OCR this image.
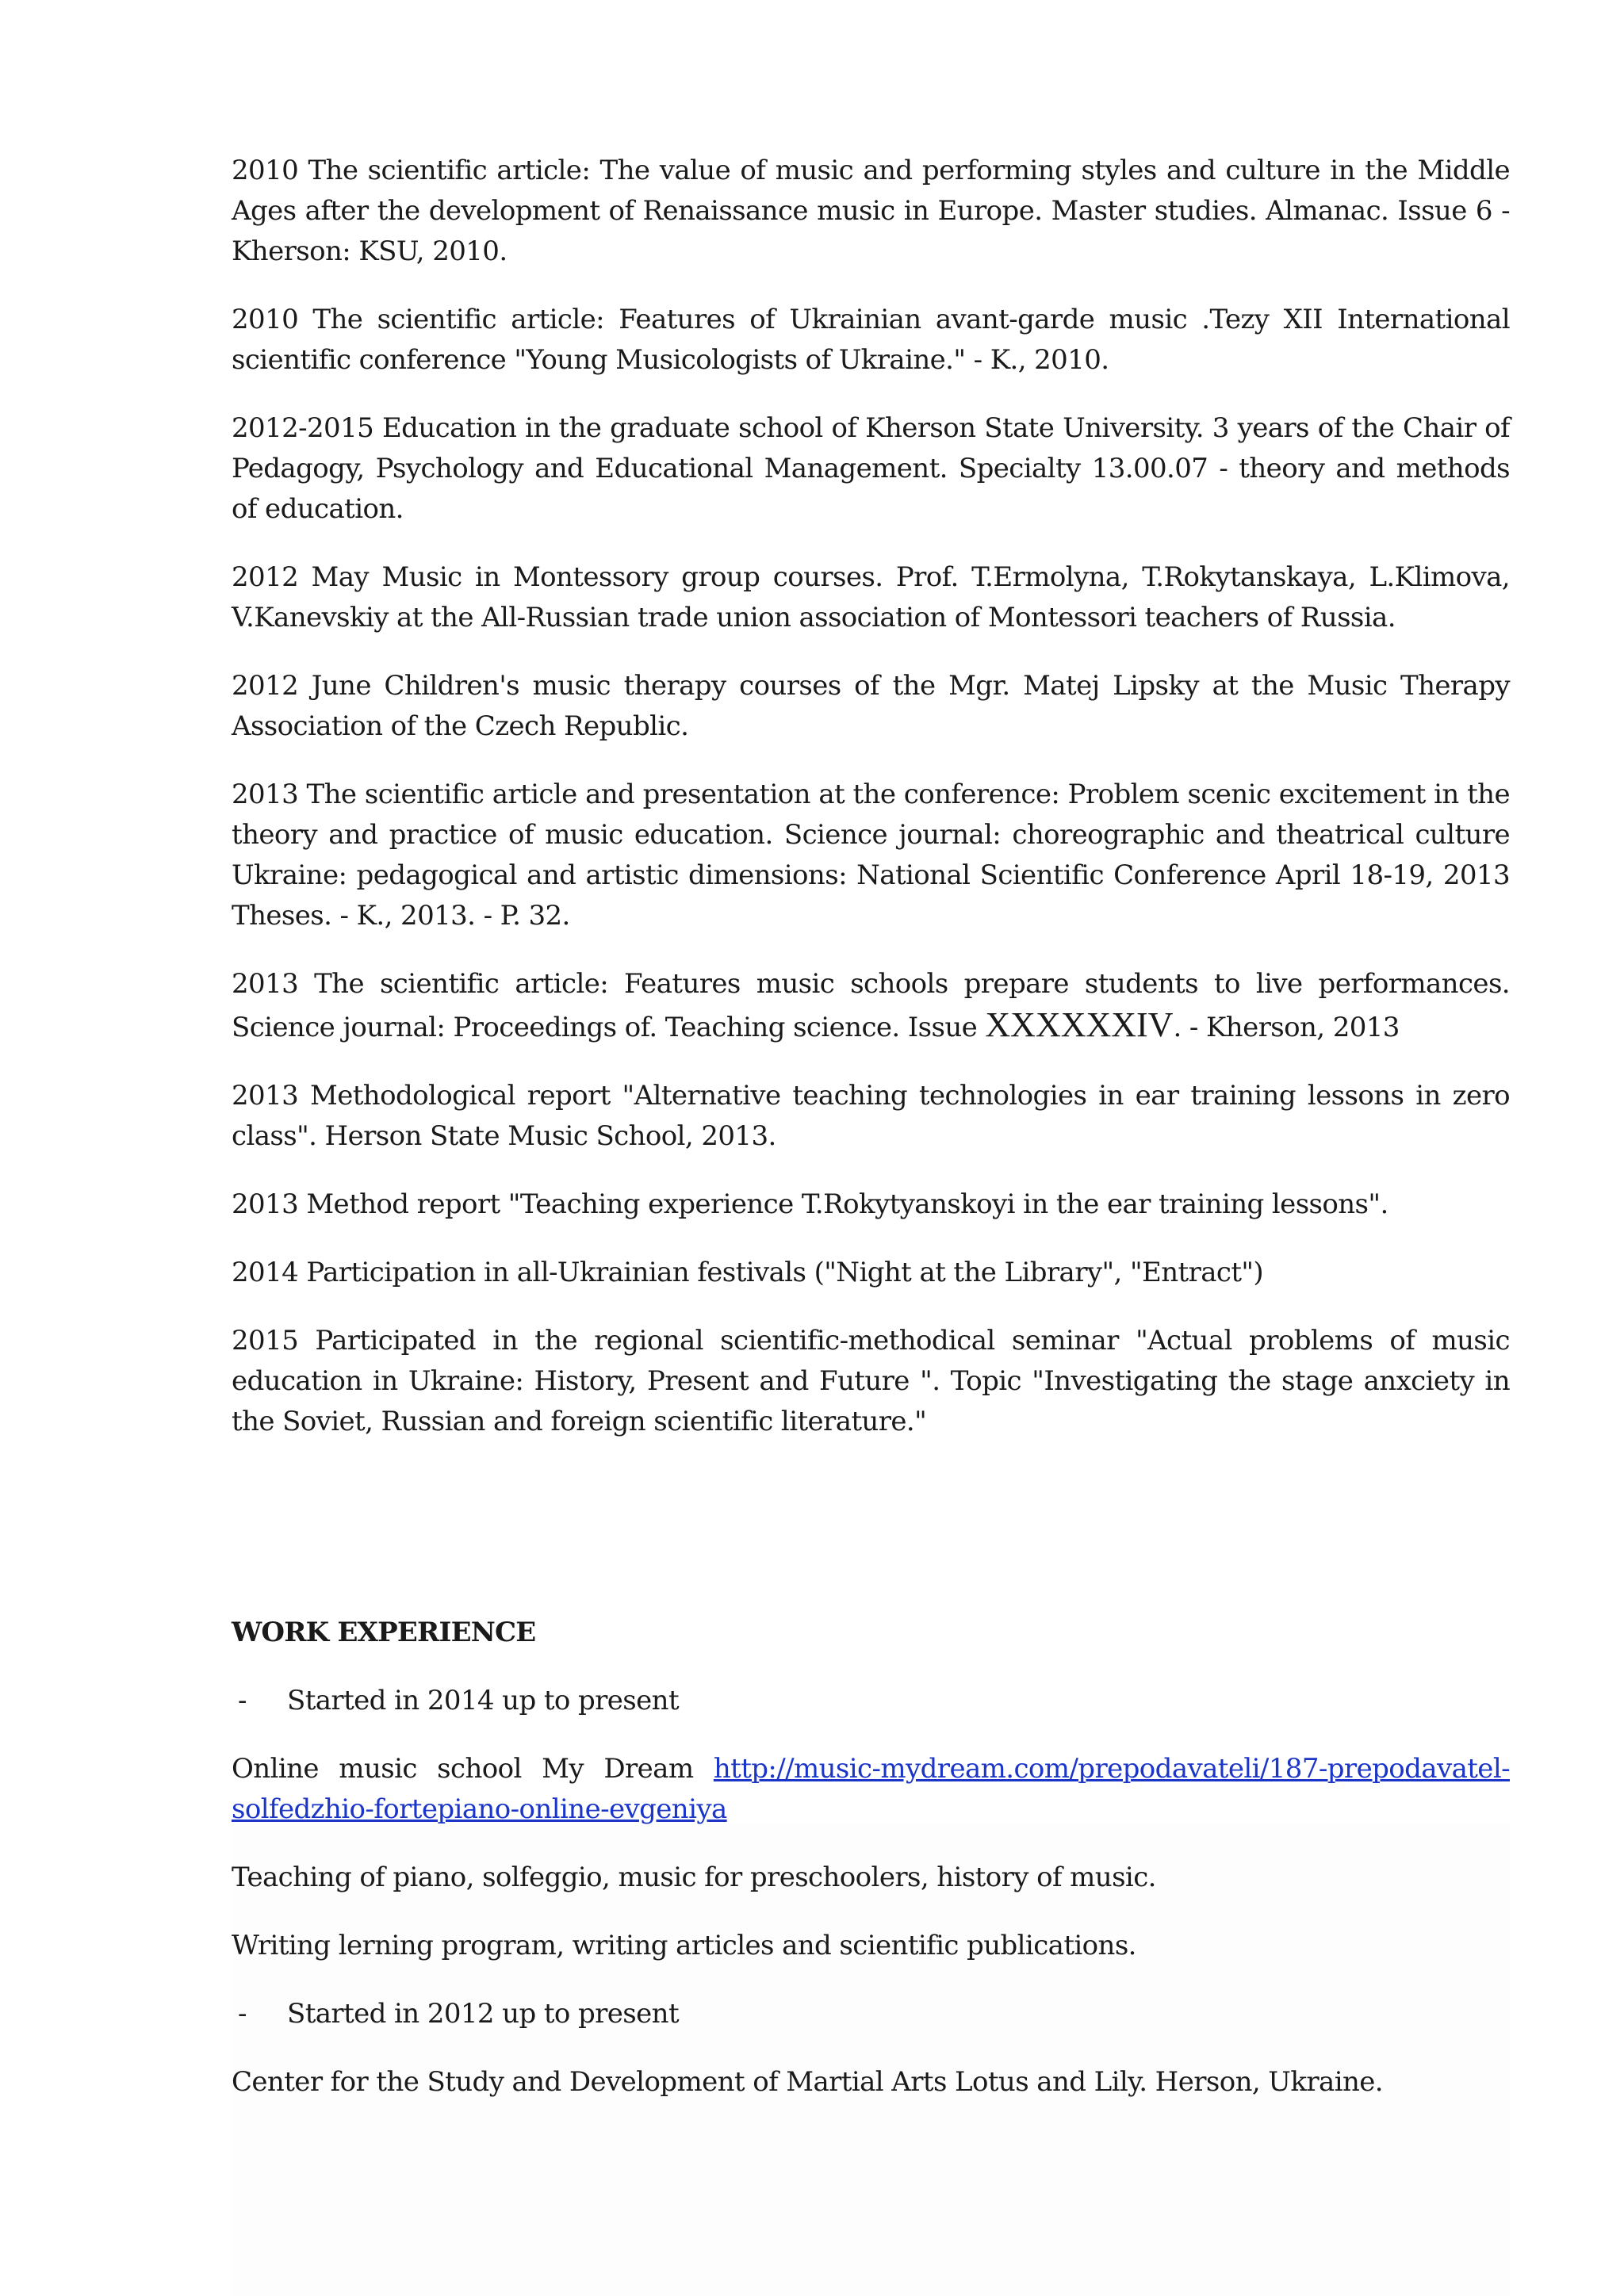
2010 The scientific article: The value of music and performing styles and culture in the Middle Ages after the development of Renaissance music in Europe. Master studies. Almanac. Issue 6 - Kherson: KSU, 2010.

2010 The scientific article: Features of Ukrainian avant-garde music .Tezy XII International scientific conference "Young Musicologists of Ukraine." - K., 2010.

2012-2015 Education in the graduate school of Kherson State University. 3 years of the Chair of Pedagogy, Psychology and Educational Management. Specialty 13.00.07 - theory and methods of education.

2012 May Music in Montessory group courses. Prof. T.Ermolyna, T.Rokytanskaya, L.Klimova, V.Kanevskiy at the All-Russian trade union association of Montessori teachers of Russia.

2012 June Children's music therapy courses of the Mgr. Matej Lipsky at the Music Therapy Association of the Czech Republic.

2013 The scientific article and presentation at the conference: Problem scenic excitement in the theory and practice of music education. Science journal: choreographic and theatrical culture Ukraine: pedagogical and artistic dimensions: National Scientific Conference April 18-19, 2013 Theses. - K., 2013. - P. 32.

2013 The scientific article: Features music schools prepare students to live performances. Science journal: Proceedings of. Teaching science. Issue XXXXXXIV. - Kherson, 2013

2013 Methodological report "Alternative teaching technologies in ear training lessons in zero class". Herson State Music School, 2013.

2013 Method report "Teaching experience T.Rokytyanskoyi in the ear training lessons".

2014 Participation in all-Ukrainian festivals ("Night at the Library", "Entract")

2015 Participated in the regional scientific-methodical seminar "Actual problems of music education in Ukraine: History, Present and Future ". Topic "Investigating the stage anxciety in the Soviet, Russian and foreign scientific literature."

WORK EXPERIENCE

-	Started in 2014 up to present

Online music school My Dream http://music-mydream.com/prepodavateli/187-prepodavatel-solfedzhio-fortepiano-online-evgeniya

Teaching of piano, solfeggio, music for preschoolers, history of music.

Writing lerning program, writing articles and scientific publications.

-	Started in 2012 up to present

Center for the Study and Development of Martial Arts Lotus and Lily. Herson, Ukraine.
